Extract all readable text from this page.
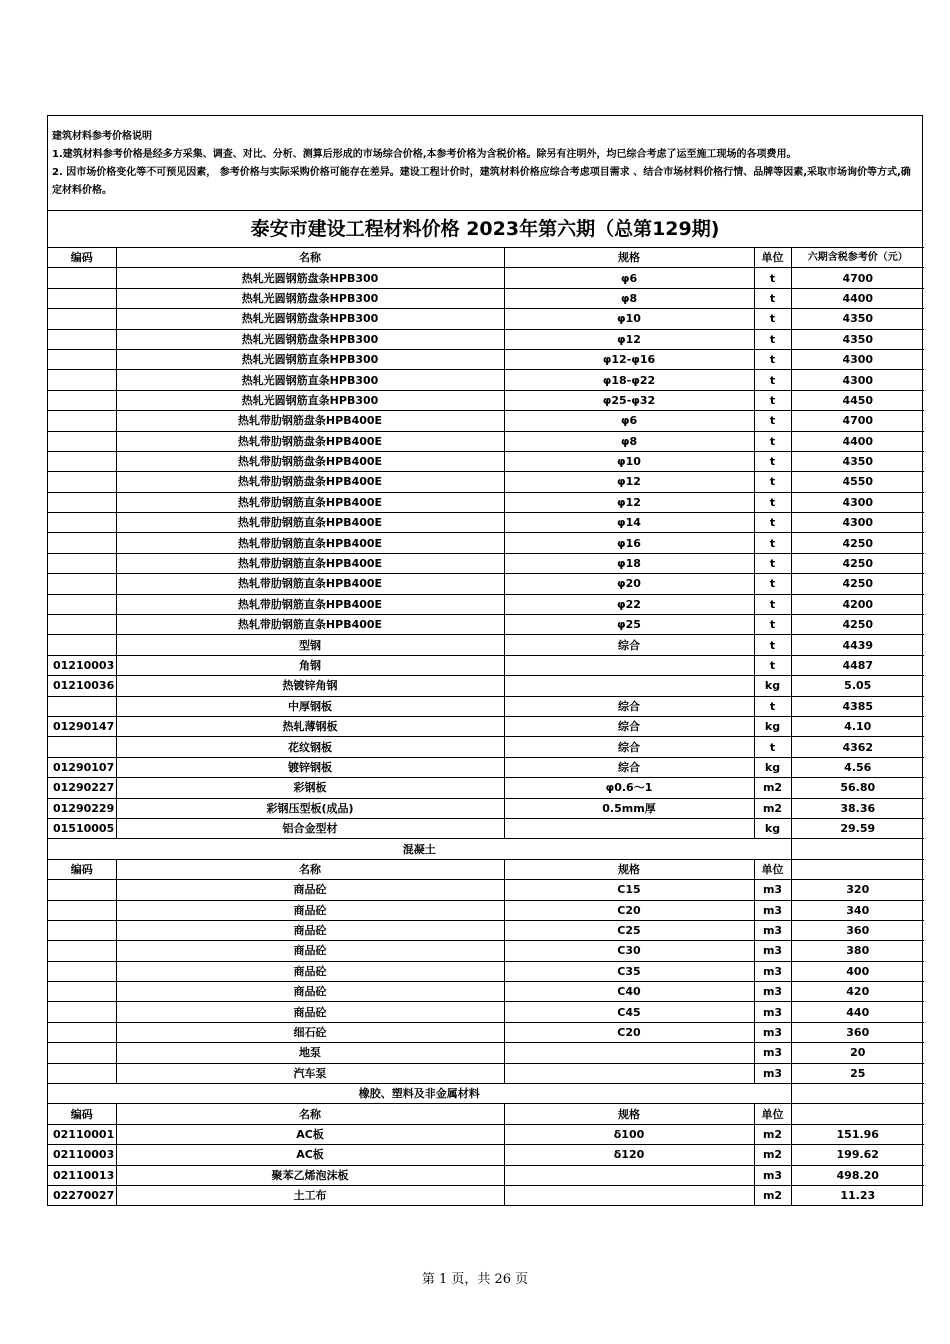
建筑材料参考价格说明

1.建筑材料参考价格是经多方采集、调查、对比、分析、测算后形成的市场综合价格,本参考价格为含税价格。除另有注明外，均已综合考虑了运至施工现场的各项费用。

2. 因市场价格变化等不可预见因素， 参考价格与实际采购价格可能存在差异。建设工程计价时，建筑材料价格应综合考虑项目需求 、结合市场材料价格行情、品牌等因素,采取市场询价等方式,确定材料价格。

泰安市建设工程材料价格 2023年第六期（总第129期)
编码	名称	规格	单位	六期含税参考价（元）
	热轧光圆钢筋盘条HPB300	φ6	t	4700
	热轧光圆钢筋盘条HPB300	φ8	t	4400
	热轧光圆钢筋盘条HPB300	φ10	t	4350
	热轧光圆钢筋盘条HPB300	φ12	t	4350
	热轧光圆钢筋直条HPB300	φ12-φ16	t	4300
	热轧光圆钢筋直条HPB300	φ18-φ22	t	4300
	热轧光圆钢筋直条HPB300	φ25-φ32	t	4450
	热轧带肋钢筋盘条HPB400E	φ6	t	4700
	热轧带肋钢筋盘条HPB400E	φ8	t	4400
	热轧带肋钢筋盘条HPB400E	φ10	t	4350
	热轧带肋钢筋盘条HPB400E	φ12	t	4550
	热轧带肋钢筋直条HPB400E	φ12	t	4300
	热轧带肋钢筋直条HPB400E	φ14	t	4300
	热轧带肋钢筋直条HPB400E	φ16	t	4250
	热轧带肋钢筋直条HPB400E	φ18	t	4250
	热轧带肋钢筋直条HPB400E	φ20	t	4250
	热轧带肋钢筋直条HPB400E	φ22	t	4200
	热轧带肋钢筋直条HPB400E	φ25	t	4250
	型钢	综合	t	4439
01210003	角钢		t	4487
01210036	热镀锌角钢		kg	5.05
	中厚钢板	综合	t	4385
01290147	热轧薄钢板	综合	kg	4.10
	花纹钢板	综合	t	4362
01290107	镀锌钢板	综合	kg	4.56
01290227	彩钢板	φ0.6～1	m2	56.80
01290229	彩钢压型板(成品)	0.5mm厚	m2	38.36
01510005	铝合金型材		kg	29.59
混凝土				
编码	名称	规格	单位	
	商品砼	C15	m3	320
	商品砼	C20	m3	340
	商品砼	C25	m3	360
	商品砼	C30	m3	380
	商品砼	C35	m3	400
	商品砼	C40	m3	420
	商品砼	C45	m3	440
	细石砼	C20	m3	360
	地泵		m3	20
	汽车泵		m3	25
橡胶、塑料及非金属材料				
编码	名称	规格	单位	
02110001	AC板	δ100	m2	151.96
02110003	AC板	δ120	m2	199.62
02110013	聚苯乙烯泡沫板		m3	498.20
02270027	土工布		m2	11.23
第 1 页，共 26 页
